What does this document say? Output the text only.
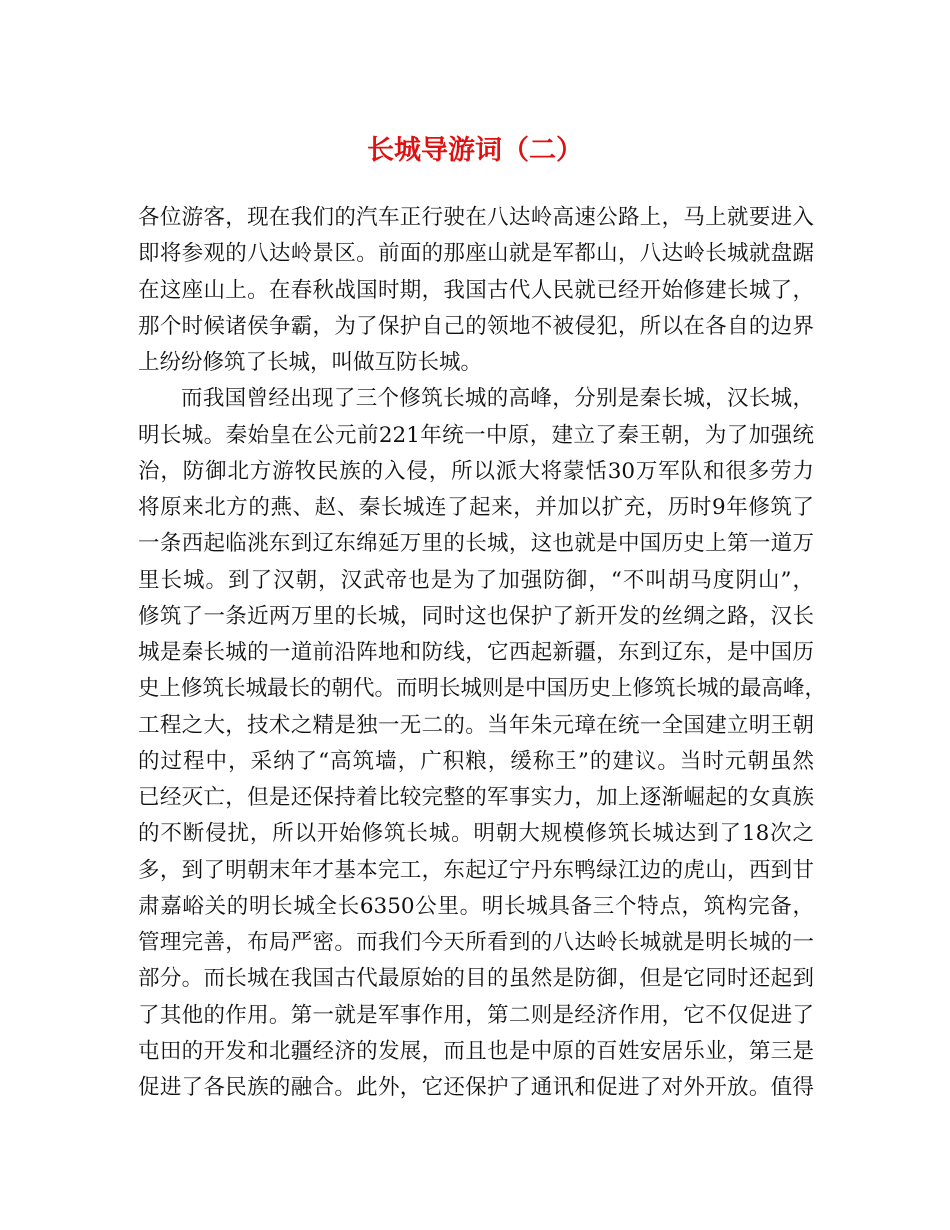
长城导游词（二）
各位游客，现在我们的汽车正行驶在八达岭高速公路上，马上就要进入
即将参观的八达岭景区。前面的那座山就是军都山，八达岭长城就盘踞
在这座山上。在春秋战国时期，我国古代人民就已经开始修建长城了，
那个时候诸侯争霸，为了保护自己的领地不被侵犯，所以在各自的边界
上纷纷修筑了长城，叫做互防长城。
而我国曾经出现了三个修筑长城的高峰，分别是秦长城，汉长城，
明长城。秦始皇在公元前221年统一中原，建立了秦王朝，为了加强统
治，防御北方游牧民族的入侵，所以派大将蒙恬30万军队和很多劳力
将原来北方的燕、赵、秦长城连了起来，并加以扩充，历时9年修筑了
一条西起临洮东到辽东绵延万里的长城，这也就是中国历史上第一道万
里长城。到了汉朝，汉武帝也是为了加强防御，“不叫胡马度阴山”，
修筑了一条近两万里的长城，同时这也保护了新开发的丝绸之路，汉长
城是秦长城的一道前沿阵地和防线，它西起新疆，东到辽东，是中国历
史上修筑长城最长的朝代。而明长城则是中国历史上修筑长城的最高峰，
工程之大，技术之精是独一无二的。当年朱元璋在统一全国建立明王朝
的过程中，采纳了“高筑墙，广积粮，缓称王”的建议。当时元朝虽然
已经灭亡，但是还保持着比较完整的军事实力，加上逐渐崛起的女真族
的不断侵扰，所以开始修筑长城。明朝大规模修筑长城达到了18次之
多，到了明朝末年才基本完工，东起辽宁丹东鸭绿江边的虎山，西到甘
肃嘉峪关的明长城全长6350公里。明长城具备三个特点，筑构完备，
管理完善，布局严密。而我们今天所看到的八达岭长城就是明长城的一
部分。而长城在我国古代最原始的目的虽然是防御，但是它同时还起到
了其他的作用。第一就是军事作用，第二则是经济作用，它不仅促进了
屯田的开发和北疆经济的发展，而且也是中原的百姓安居乐业，第三是
促进了各民族的融合。此外，它还保护了通讯和促进了对外开放。值得
